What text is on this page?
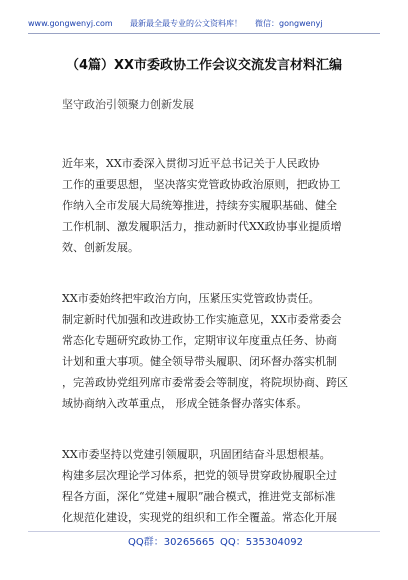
www.gongwenyj.com 最新最全最专业的公文资料库！ 微信：gongwenyj
（4篇）XX市委政协工作会议交流发言材料汇编
坚守政治引领聚力创新发展
近年来，XX市委深入贯彻习近平总书记关于人民政协
工作的重要思想， 坚决落实党管政协政治原则，把政协工
作纳入全市发展大局统筹推进，持续夯实履职基础、健全
工作机制、激发履职活力，推动新时代XX政协事业提质增
效、创新发展。
XX市委始终把牢政治方向，压紧压实党管政协责任。
制定新时代加强和改进政协工作实施意见，XX市委常委会
常态化专题研究政协工作，定期审议年度重点任务、协商
计划和重大事项。健全领导带头履职、闭环督办落实机制
，完善政协党组列席市委常委会等制度，将院坝协商、跨区
域协商纳入改革重点， 形成全链条督办落实体系。
XX市委坚持以党建引领履职，巩固团结奋斗思想根基。
构建多层次理论学习体系，把党的领导贯穿政协履职全过
程各方面，深化“党建+履职”融合模式，推进党支部标准
化规范化建设，实现党的组织和工作全覆盖。常态化开展
QQ群：30265665 QQ：535304092
